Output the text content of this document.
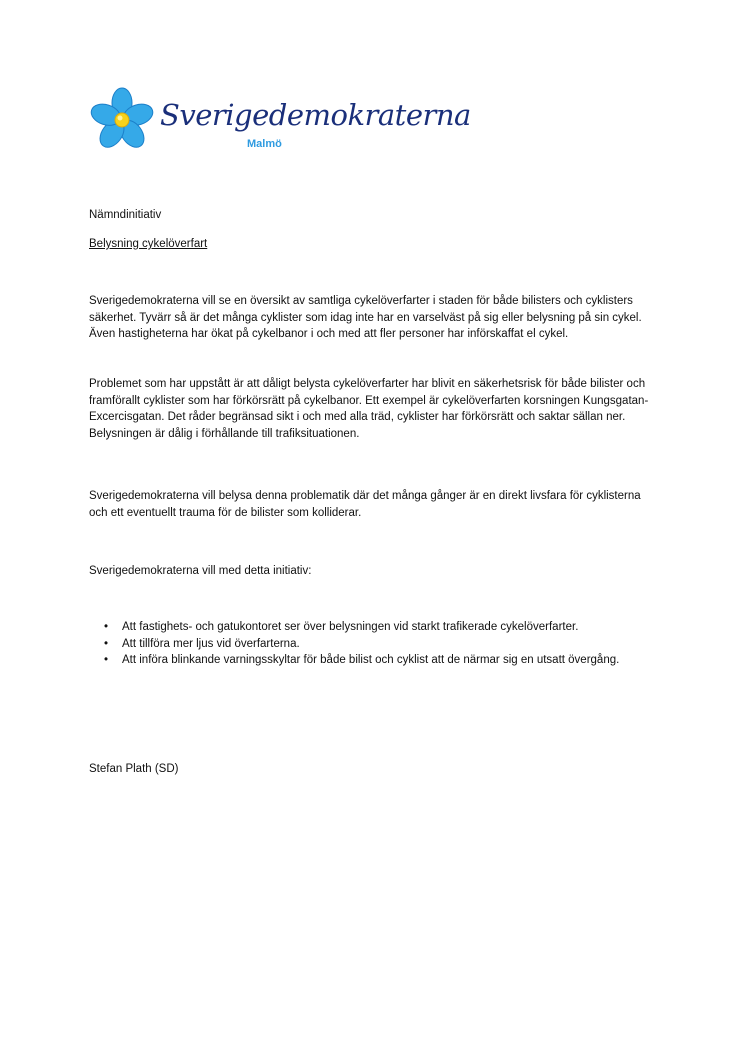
Sverigedemokraterna
Malmö
Nämndinitiativ
Belysning cykelöverfart

Sverigedemokraterna vill se en översikt av samtliga cykelöverfarter i staden för både bilisters och cyklisters säkerhet. Tyvärr så är det många cyklister som idag inte har en varselväst på sig eller belysning på sin cykel. Även hastigheterna har ökat på cykelbanor i och med att fler personer har införskaffat el cykel.

Problemet som har uppstått är att dåligt belysta cykelöverfarter har blivit en säkerhetsrisk för både bilister och framförallt cyklister som har förkörsrätt på cykelbanor. Ett exempel är cykelöverfarten korsningen Kungsgatan-Excercisgatan. Det råder begränsad sikt i och med alla träd, cyklister har förkörsrätt och saktar sällan ner. Belysningen är dålig i förhållande till trafiksituationen.

Sverigedemokraterna vill belysa denna problematik där det många gånger är en direkt livsfara för cyklisterna och ett eventuellt trauma för de bilister som kolliderar.

Sverigedemokraterna vill med detta initiativ:

• Att fastighets- och gatukontoret ser över belysningen vid starkt trafikerade cykelöverfarter.
• Att tillföra mer ljus vid överfarterna.
• Att införa blinkande varningsskyltar för både bilist och cyklist att de närmar sig en utsatt övergång.
Stefan Plath (SD)
